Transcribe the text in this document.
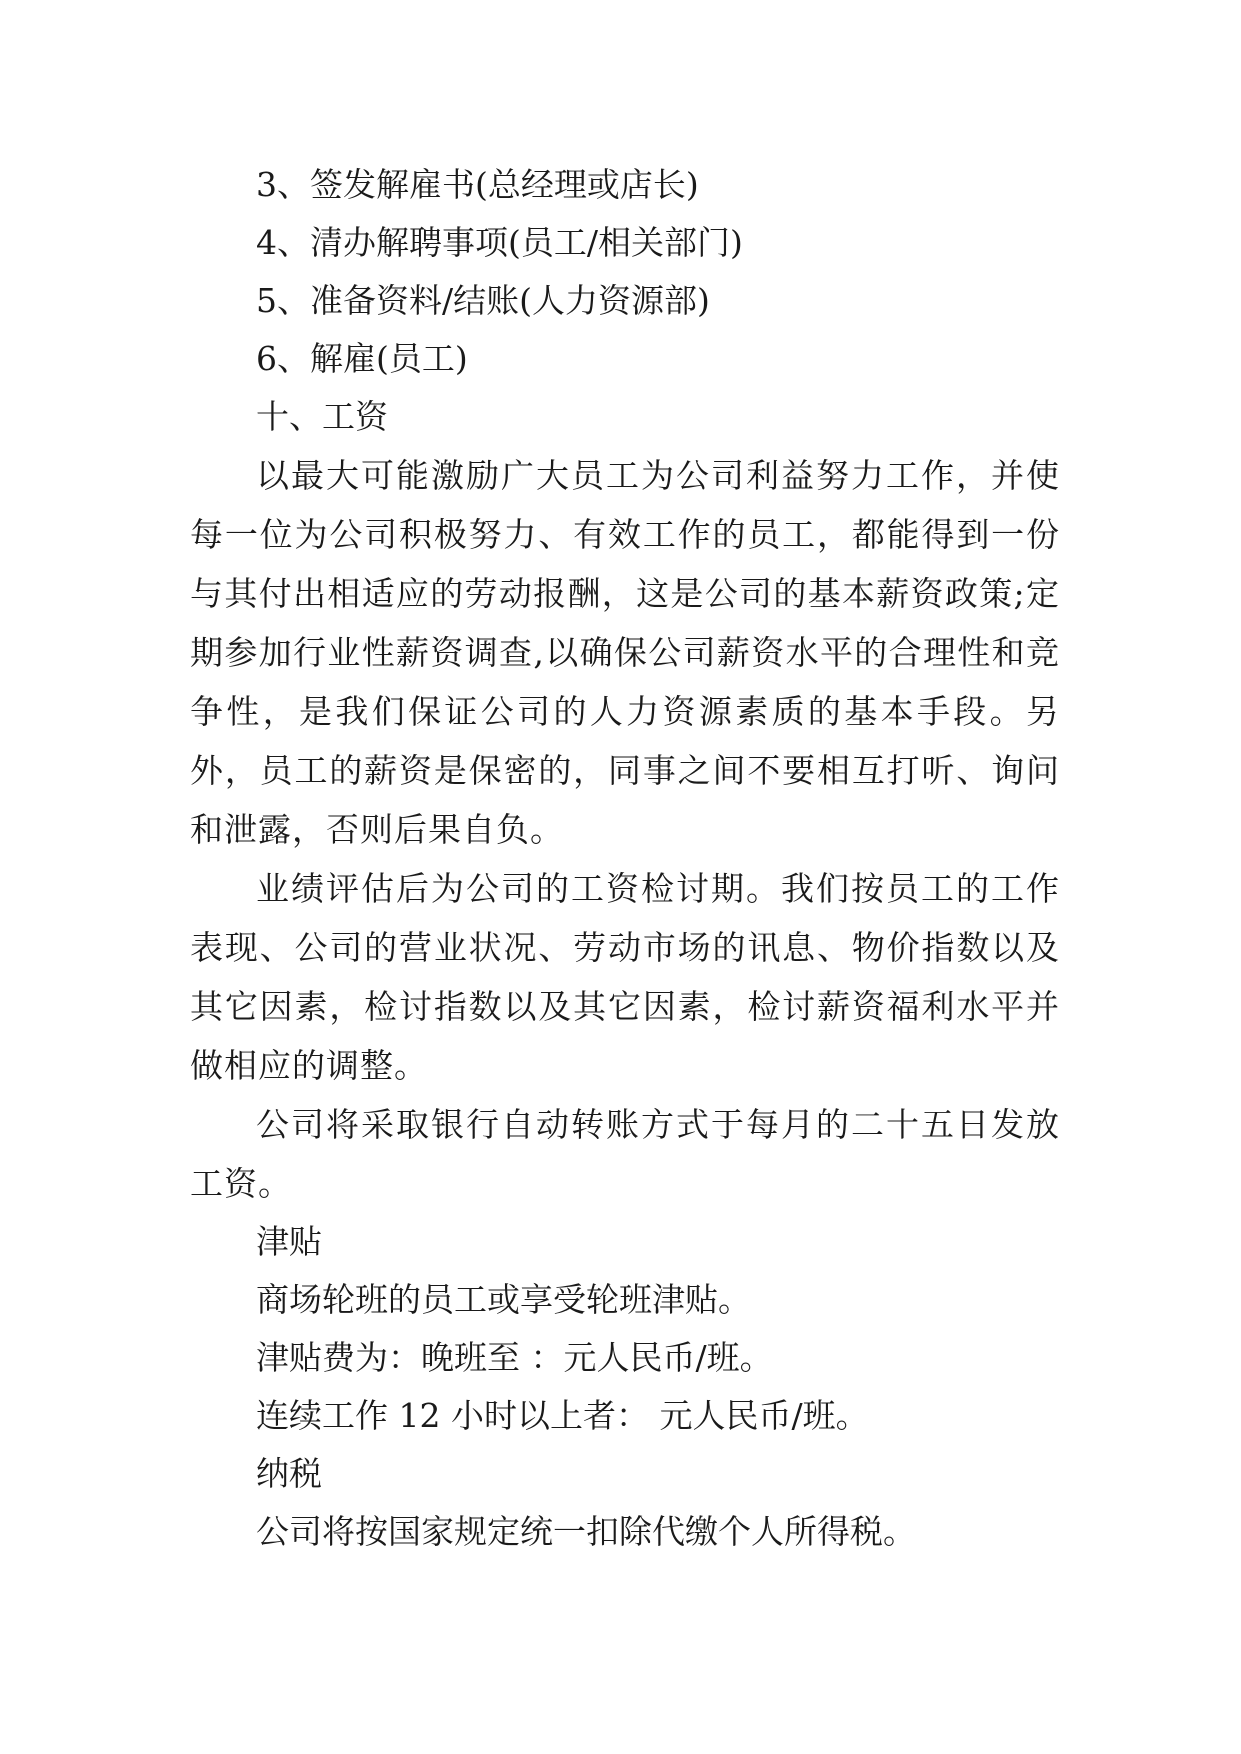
3、签发解雇书(总经理或店长)

4、清办解聘事项(员工/相关部门)

5、准备资料/结账(人力资源部)

6、解雇(员工)

十、工资

以最大可能激励广大员工为公司利益努力工作，并使每一位为公司积极努力、有效工作的员工，都能得到一份与其付出相适应的劳动报酬，这是公司的基本薪资政策;定期参加行业性薪资调查,以确保公司薪资水平的合理性和竞争性，是我们保证公司的人力资源素质的基本手段。另外，员工的薪资是保密的，同事之间不要相互打听、询问和泄露，否则后果自负。

业绩评估后为公司的工资检讨期。我们按员工的工作表现、公司的营业状况、劳动市场的讯息、物价指数以及其它因素，检讨指数以及其它因素，检讨薪资福利水平并做相应的调整。

公司将采取银行自动转账方式于每月的二十五日发放工资。

津贴

商场轮班的员工或享受轮班津贴。

津贴费为：晚班至 ：元人民币/班。

连续工作 12 小时以上者： 元人民币/班。

纳税

公司将按国家规定统一扣除代缴个人所得税。
